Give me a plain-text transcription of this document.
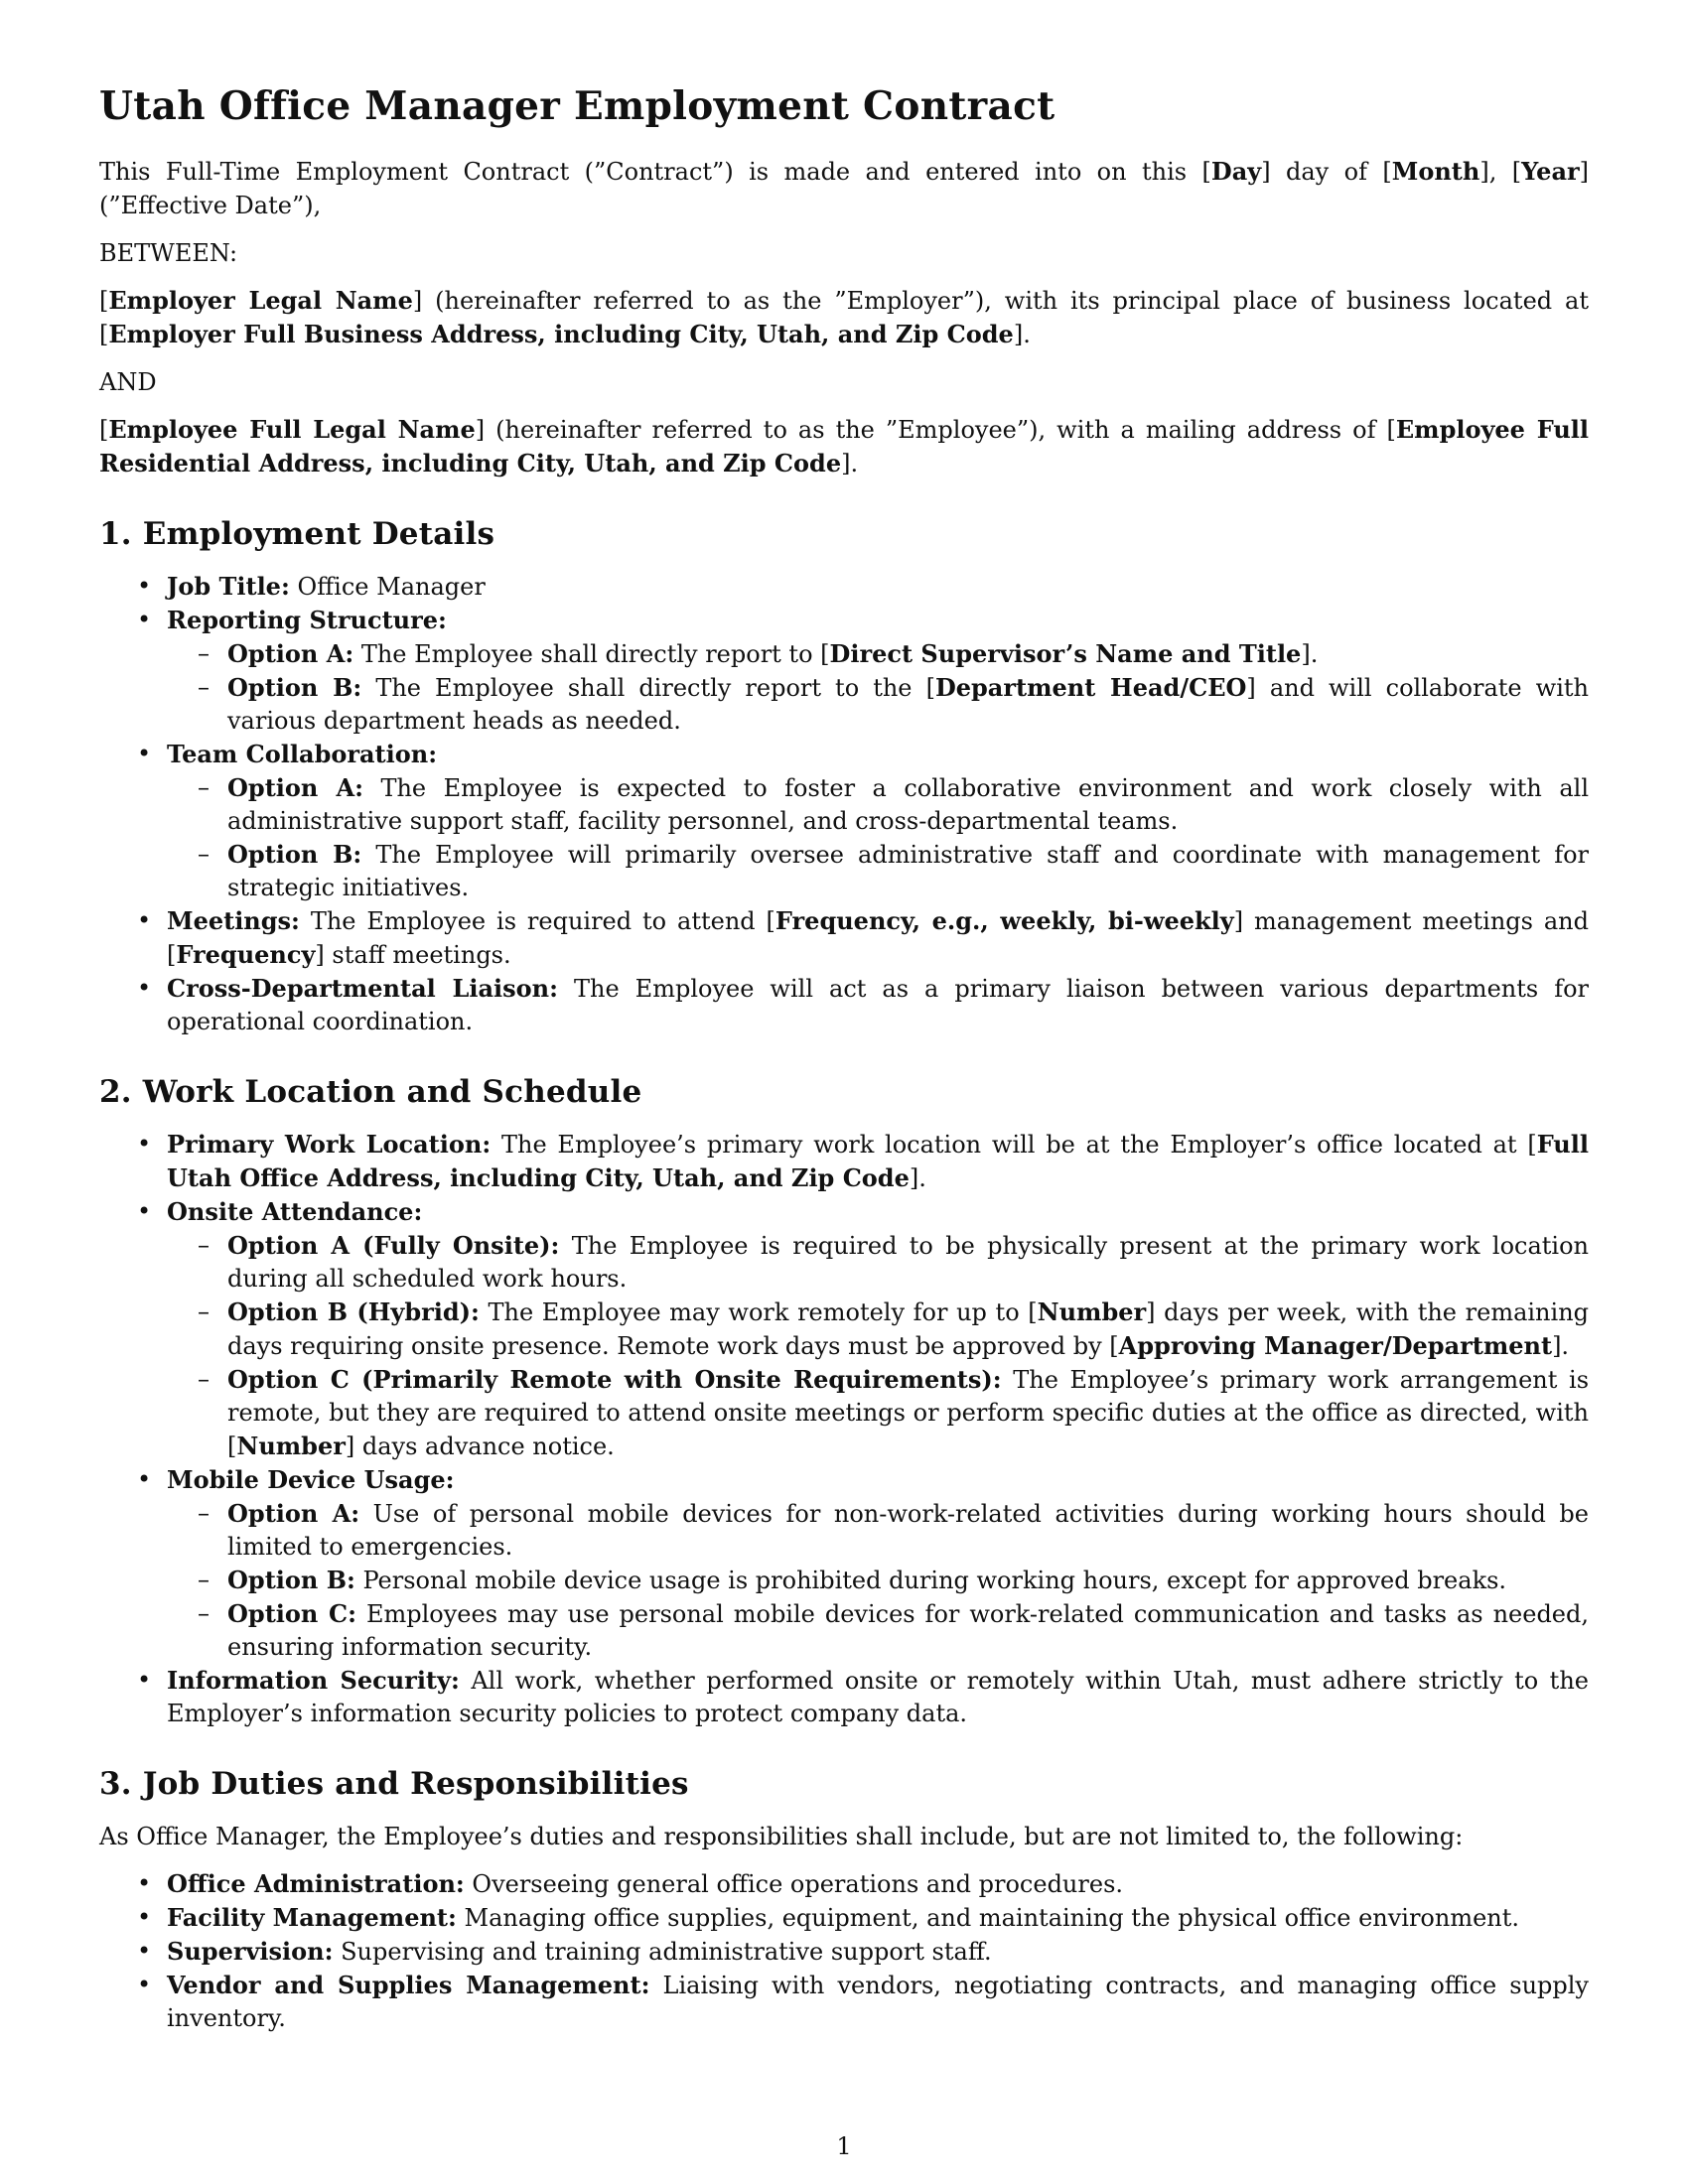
Utah Office Manager Employment Contract

This Full-Time Employment Contract (”Contract”) is made and entered into on this [Day] day of [Month], [Year] (”Effective Date”),

BETWEEN:

[Employer Legal Name] (hereinafter referred to as the ”Employer”), with its principal place of business located at [Employer Full Business Address, including City, Utah, and Zip Code].

AND

[Employee Full Legal Name] (hereinafter referred to as the ”Employee”), with a mailing address of [Employee Full Residential Address, including City, Utah, and Zip Code].

1. Employment Details
• Job Title: Office Manager
• Reporting Structure:
– Option A: The Employee shall directly report to [Direct Supervisor’s Name and Title].
– Option B: The Employee shall directly report to the [Department Head/CEO] and will collaborate with various department heads as needed.
• Team Collaboration:
– Option A: The Employee is expected to foster a collaborative environment and work closely with all administrative support staff, facility personnel, and cross-departmental teams.
– Option B: The Employee will primarily oversee administrative staff and coordinate with management for strategic initiatives.
• Meetings: The Employee is required to attend [Frequency, e.g., weekly, bi-weekly] management meetings and [Frequency] staff meetings.
• Cross-Departmental Liaison: The Employee will act as a primary liaison between various departments for operational coordination.
2. Work Location and Schedule
• Primary Work Location: The Employee’s primary work location will be at the Employer’s office located at [Full Utah Office Address, including City, Utah, and Zip Code].
• Onsite Attendance:
– Option A (Fully Onsite): The Employee is required to be physically present at the primary work location during all scheduled work hours.
– Option B (Hybrid): The Employee may work remotely for up to [Number] days per week, with the remaining days requiring onsite presence. Remote work days must be approved by [Approving Manager/Department].
– Option C (Primarily Remote with Onsite Requirements): The Employee’s primary work arrangement is remote, but they are required to attend onsite meetings or perform specific duties at the office as directed, with [Number] days advance notice.
• Mobile Device Usage:
– Option A: Use of personal mobile devices for non-work-related activities during working hours should be limited to emergencies.
– Option B: Personal mobile device usage is prohibited during working hours, except for approved breaks.
– Option C: Employees may use personal mobile devices for work-related communication and tasks as needed, ensuring information security.
• Information Security: All work, whether performed onsite or remotely within Utah, must adhere strictly to the Employer’s information security policies to protect company data.
3. Job Duties and Responsibilities

As Office Manager, the Employee’s duties and responsibilities shall include, but are not limited to, the following:

• Office Administration: Overseeing general office operations and procedures.
• Facility Management: Managing office supplies, equipment, and maintaining the physical office environment.
• Supervision: Supervising and training administrative support staff.
• Vendor and Supplies Management: Liaising with vendors, negotiating contracts, and managing office supply inventory.
1
